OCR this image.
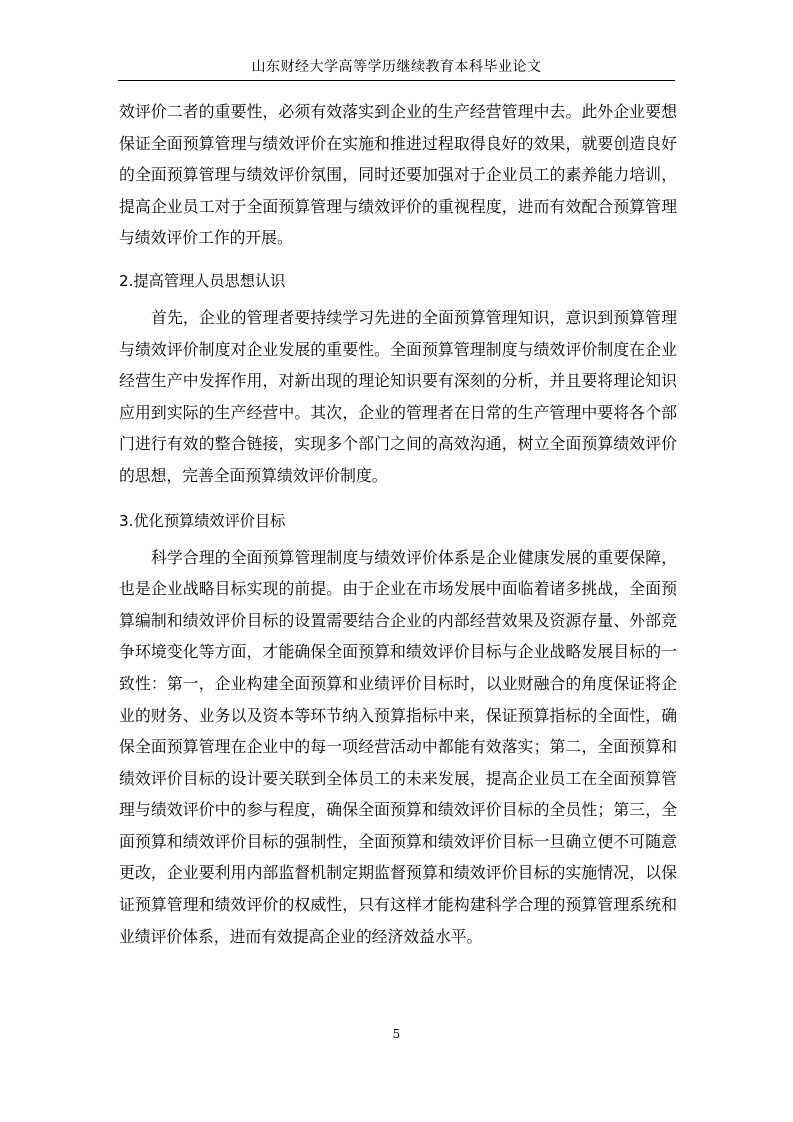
山东财经大学高等学历继续教育本科毕业论文

效评价二者的重要性，必须有效落实到企业的生产经营管理中去。此外企业要想保证全面预算管理与绩效评价在实施和推进过程取得良好的效果，就要创造良好的全面预算管理与绩效评价氛围，同时还要加强对于企业员工的素养能力培训，提高企业员工对于全面预算管理与绩效评价的重视程度，进而有效配合预算管理与绩效评价工作的开展。

2.提高管理人员思想认识

首先，企业的管理者要持续学习先进的全面预算管理知识，意识到预算管理与绩效评价制度对企业发展的重要性。全面预算管理制度与绩效评价制度在企业经营生产中发挥作用，对新出现的理论知识要有深刻的分析，并且要将理论知识应用到实际的生产经营中。其次，企业的管理者在日常的生产管理中要将各个部门进行有效的整合链接，实现多个部门之间的高效沟通，树立全面预算绩效评价的思想，完善全面预算绩效评价制度。

3.优化预算绩效评价目标

科学合理的全面预算管理制度与绩效评价体系是企业健康发展的重要保障，也是企业战略目标实现的前提。由于企业在市场发展中面临着诸多挑战，全面预算编制和绩效评价目标的设置需要结合企业的内部经营效果及资源存量、外部竞争环境变化等方面，才能确保全面预算和绩效评价目标与企业战略发展目标的一致性：第一，企业构建全面预算和业绩评价目标时，以业财融合的角度保证将企业的财务、业务以及资本等环节纳入预算指标中来，保证预算指标的全面性，确保全面预算管理在企业中的每一项经营活动中都能有效落实；第二，全面预算和绩效评价目标的设计要关联到全体员工的未来发展，提高企业员工在全面预算管理与绩效评价中的参与程度，确保全面预算和绩效评价目标的全员性；第三，全面预算和绩效评价目标的强制性，全面预算和绩效评价目标一旦确立便不可随意更改，企业要利用内部监督机制定期监督预算和绩效评价目标的实施情况，以保证预算管理和绩效评价的权威性，只有这样才能构建科学合理的预算管理系统和业绩评价体系，进而有效提高企业的经济效益水平。

5
